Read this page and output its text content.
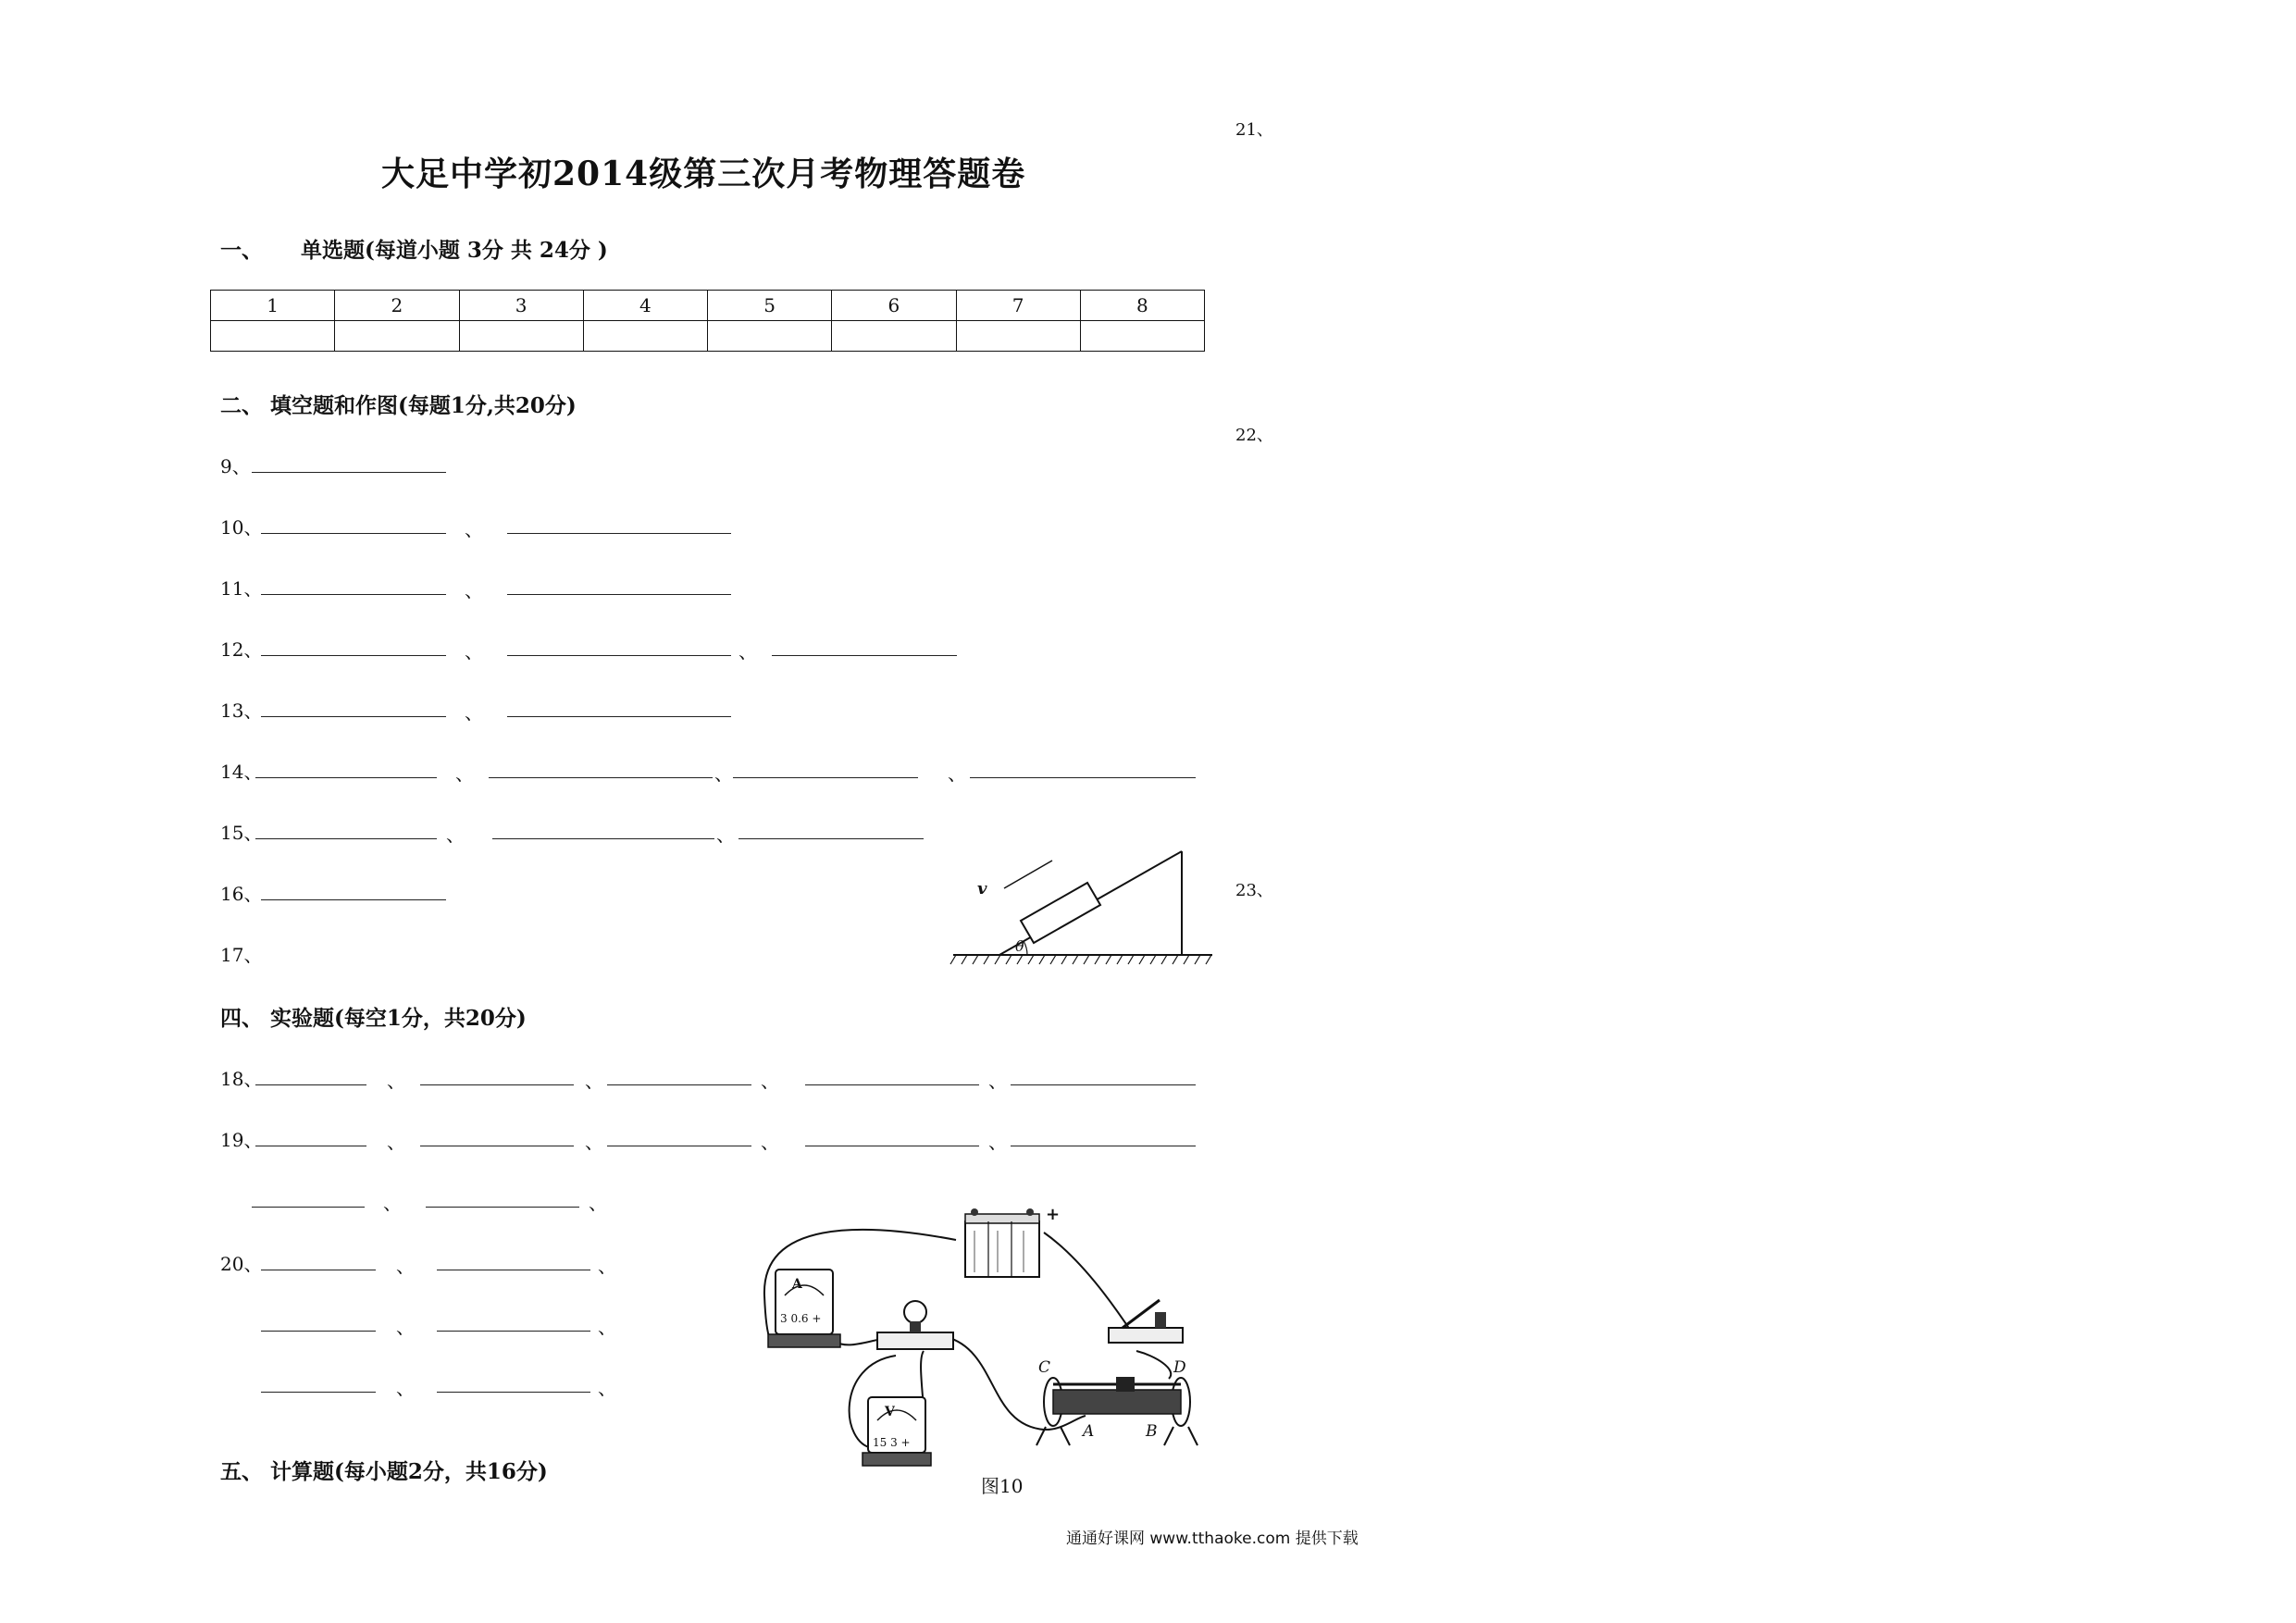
大足中学初2014级第三次月考物理答题卷
一、 单选题(每道小题 3分 共 24分 )
1	2	3	4	5	6	7	8

二、 填空题和作图(每题1分,共20分)
9、
10、	、
11、	、
12、	、	、
13、	、
14、	、	、	、
15、	、	、
16、
17、
v
θ
四、 实验题(每空1分，共20分)
18、	、	、	、	、
19、	、	、	、	、
、	、
20、	、	、
、	、
、	、
+
A
3 0.6 +
V
15 3 +
C	D
A	B
图10
五、 计算题(每小题2分，共16分)
21、
22、
23、
通通好课网 www.tthaoke.com 提供下载
